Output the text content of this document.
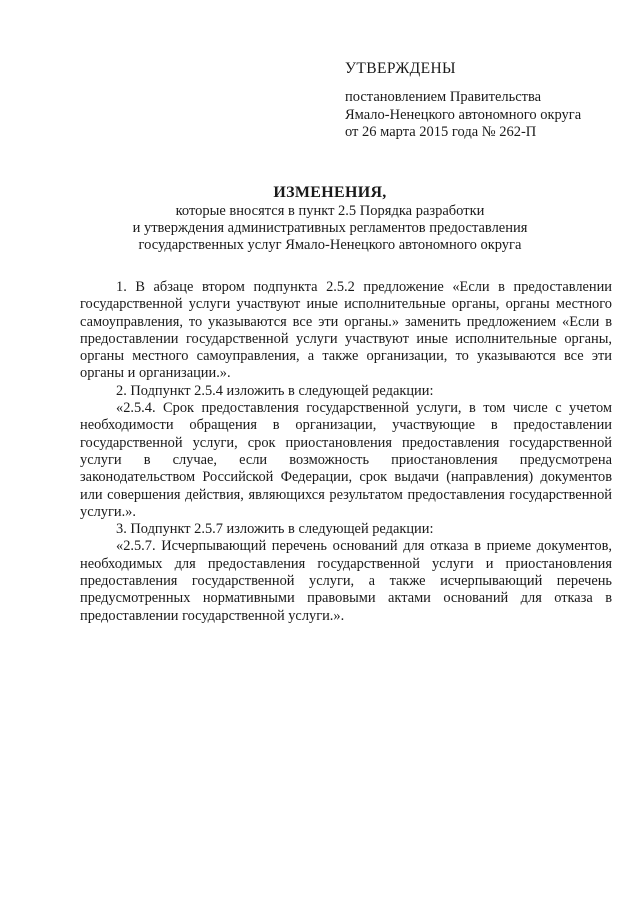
УТВЕРЖДЕНЫ
постановлением Правительства
Ямало-Ненецкого автономного округа
от 26 марта 2015 года № 262-П
ИЗМЕНЕНИЯ,
которые вносятся в пункт 2.5 Порядка разработки
и утверждения административных регламентов предоставления
государственных услуг Ямало-Ненецкого автономного округа

1. В абзаце втором подпункта 2.5.2 предложение «Если в предоставлении государственной услуги участвуют иные исполнительные органы, органы местного самоуправления, то указываются все эти органы.» заменить предложением «Если в предоставлении государственной услуги участвуют иные исполнительные органы, органы местного самоуправления, а также организации, то указываются все эти органы и организации.».

2. Подпункт 2.5.4 изложить в следующей редакции:

«2.5.4. Срок предоставления государственной услуги, в том числе с учетом необходимости обращения в организации, участвующие в предоставлении государственной услуги, срок приостановления предоставления государственной услуги в случае, если возможность приостановления предусмотрена законодательством Российской Федерации, срок выдачи (направления) документов или совершения действия, являющихся результатом предоставления государственной услуги.».

3. Подпункт 2.5.7 изложить в следующей редакции:

«2.5.7. Исчерпывающий перечень оснований для отказа в приеме документов, необходимых для предоставления государственной услуги и приостановления предоставления государственной услуги, а также исчерпывающий перечень предусмотренных нормативными правовыми актами оснований для отказа в предоставлении государственной услуги.».
